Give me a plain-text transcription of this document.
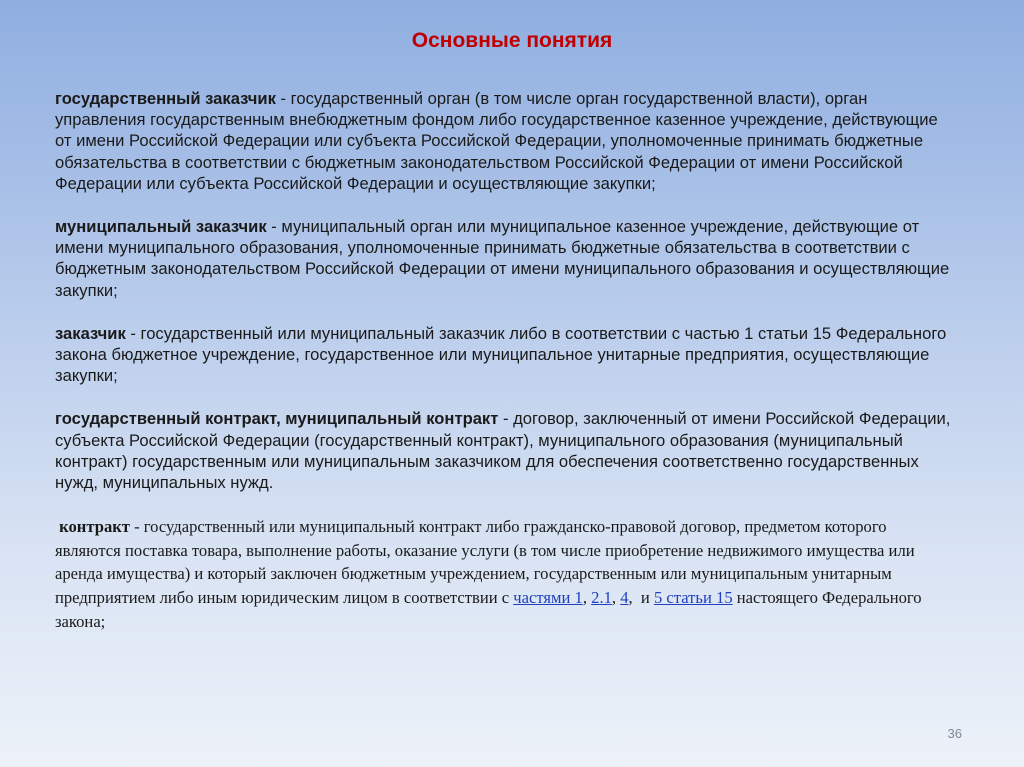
Основные понятия

государственный заказчик - государственный орган (в том числе орган государственной власти), орган управления государственным внебюджетным фондом либо государственное казенное учреждение, действующие от имени Российской Федерации или субъекта Российской Федерации, уполномоченные принимать бюджетные обязательства в соответствии с бюджетным законодательством Российской Федерации от имени Российской Федерации или субъекта Российской Федерации и осуществляющие закупки;

муниципальный заказчик - муниципальный орган или муниципальное казенное учреждение, действующие от имени муниципального образования, уполномоченные принимать бюджетные обязательства в соответствии с бюджетным законодательством Российской Федерации от имени муниципального образования и осуществляющие закупки;

заказчик - государственный или муниципальный заказчик либо в соответствии с частью 1 статьи 15 Федерального закона бюджетное учреждение, государственное или муниципальное унитарные предприятия, осуществляющие закупки;

государственный контракт, муниципальный контракт - договор, заключенный от имени Российской Федерации, субъекта Российской Федерации (государственный контракт), муниципального образования (муниципальный контракт) государственным или муниципальным заказчиком для обеспечения соответственно государственных нужд, муниципальных нужд.

контракт - государственный или муниципальный контракт либо гражданско-правовой договор, предметом которого являются поставка товара, выполнение работы, оказание услуги (в том числе приобретение недвижимого имущества или аренда имущества) и который заключен бюджетным учреждением, государственным или муниципальным унитарным предприятием либо иным юридическим лицом в соответствии с частями 1, 2.1, 4,  и 5 статьи 15 настоящего Федерального закона;

36
